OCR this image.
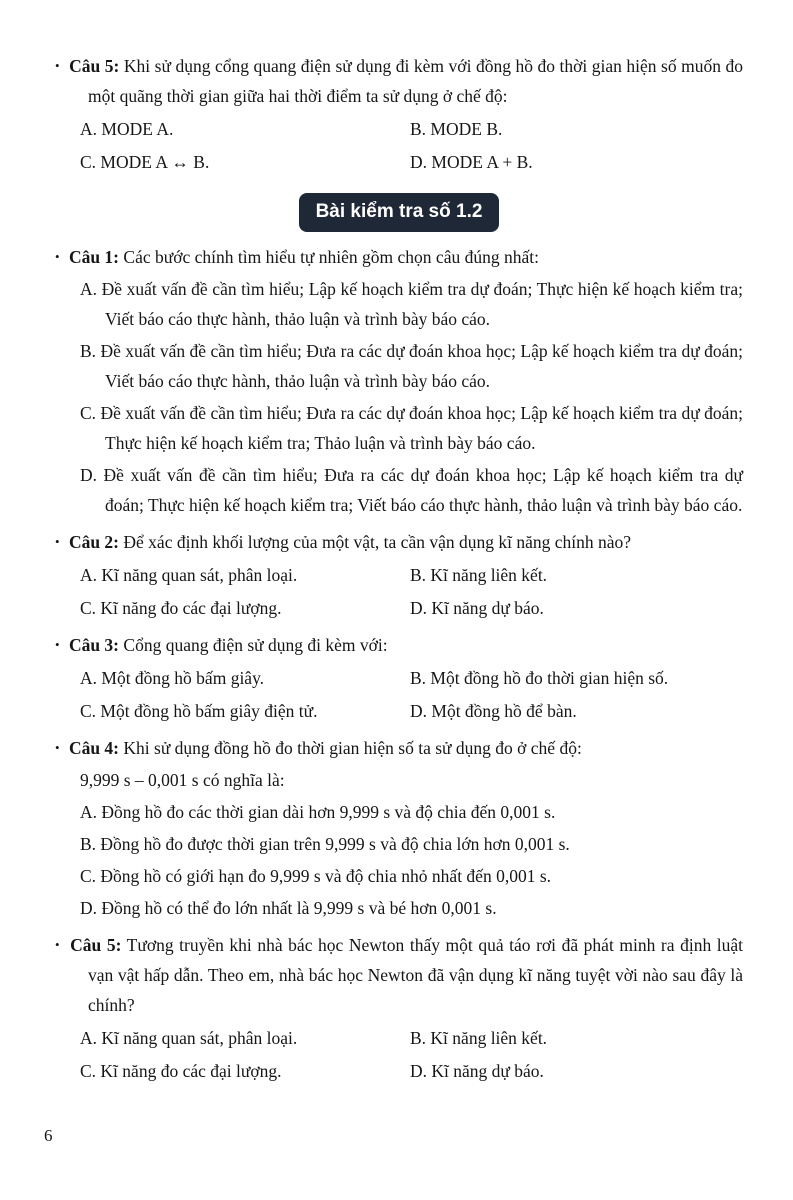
• Câu 5: Khi sử dụng cổng quang điện sử dụng đi kèm với đồng hồ đo thời gian hiện số muốn đo một quãng thời gian giữa hai thời điểm ta sử dụng ở chế độ:

A. MODE A.	B. MODE B.

C. MODE A ↔ B.	D. MODE A + B.

Bài kiểm tra số 1.2

• Câu 1: Các bước chính tìm hiểu tự nhiên gồm chọn câu đúng nhất:

A. Đề xuất vấn đề cần tìm hiểu; Lập kế hoạch kiểm tra dự đoán; Thực hiện kế hoạch kiểm tra; Viết báo cáo thực hành, thảo luận và trình bày báo cáo.

B. Đề xuất vấn đề cần tìm hiểu; Đưa ra các dự đoán khoa học; Lập kế hoạch kiểm tra dự đoán; Viết báo cáo thực hành, thảo luận và trình bày báo cáo.

C. Đề xuất vấn đề cần tìm hiểu; Đưa ra các dự đoán khoa học; Lập kế hoạch kiểm tra dự đoán; Thực hiện kế hoạch kiểm tra; Thảo luận và trình bày báo cáo.

D. Đề xuất vấn đề cần tìm hiểu; Đưa ra các dự đoán khoa học; Lập kế hoạch kiểm tra dự đoán; Thực hiện kế hoạch kiểm tra; Viết báo cáo thực hành, thảo luận và trình bày báo cáo.

• Câu 2: Để xác định khối lượng của một vật, ta cần vận dụng kĩ năng chính nào?

A. Kĩ năng quan sát, phân loại.	B. Kĩ năng liên kết.

C. Kĩ năng đo các đại lượng.	D. Kĩ năng dự báo.

• Câu 3: Cổng quang điện sử dụng đi kèm với:

A. Một đồng hồ bấm giây.	B. Một đồng hồ đo thời gian hiện số.

C. Một đồng hồ bấm giây điện tử.	D. Một đồng hồ để bàn.

• Câu 4: Khi sử dụng đồng hồ đo thời gian hiện số ta sử dụng đo ở chế độ:

9,999 s – 0,001 s có nghĩa là:

A. Đồng hồ đo các thời gian dài hơn 9,999 s và độ chia đến 0,001 s.

B. Đồng hồ đo được thời gian trên 9,999 s và độ chia lớn hơn 0,001 s.

C. Đồng hồ có giới hạn đo 9,999 s và độ chia nhỏ nhất đến 0,001 s.

D. Đồng hồ có thể đo lớn nhất là 9,999 s và bé hơn 0,001 s.

• Câu 5: Tương truyền khi nhà bác học Newton thấy một quả táo rơi đã phát minh ra định luật vạn vật hấp dẫn. Theo em, nhà bác học Newton đã vận dụng kĩ năng tuyệt vời nào sau đây là chính?

A. Kĩ năng quan sát, phân loại.	B. Kĩ năng liên kết.

C. Kĩ năng đo các đại lượng.	D. Kĩ năng dự báo.

6
